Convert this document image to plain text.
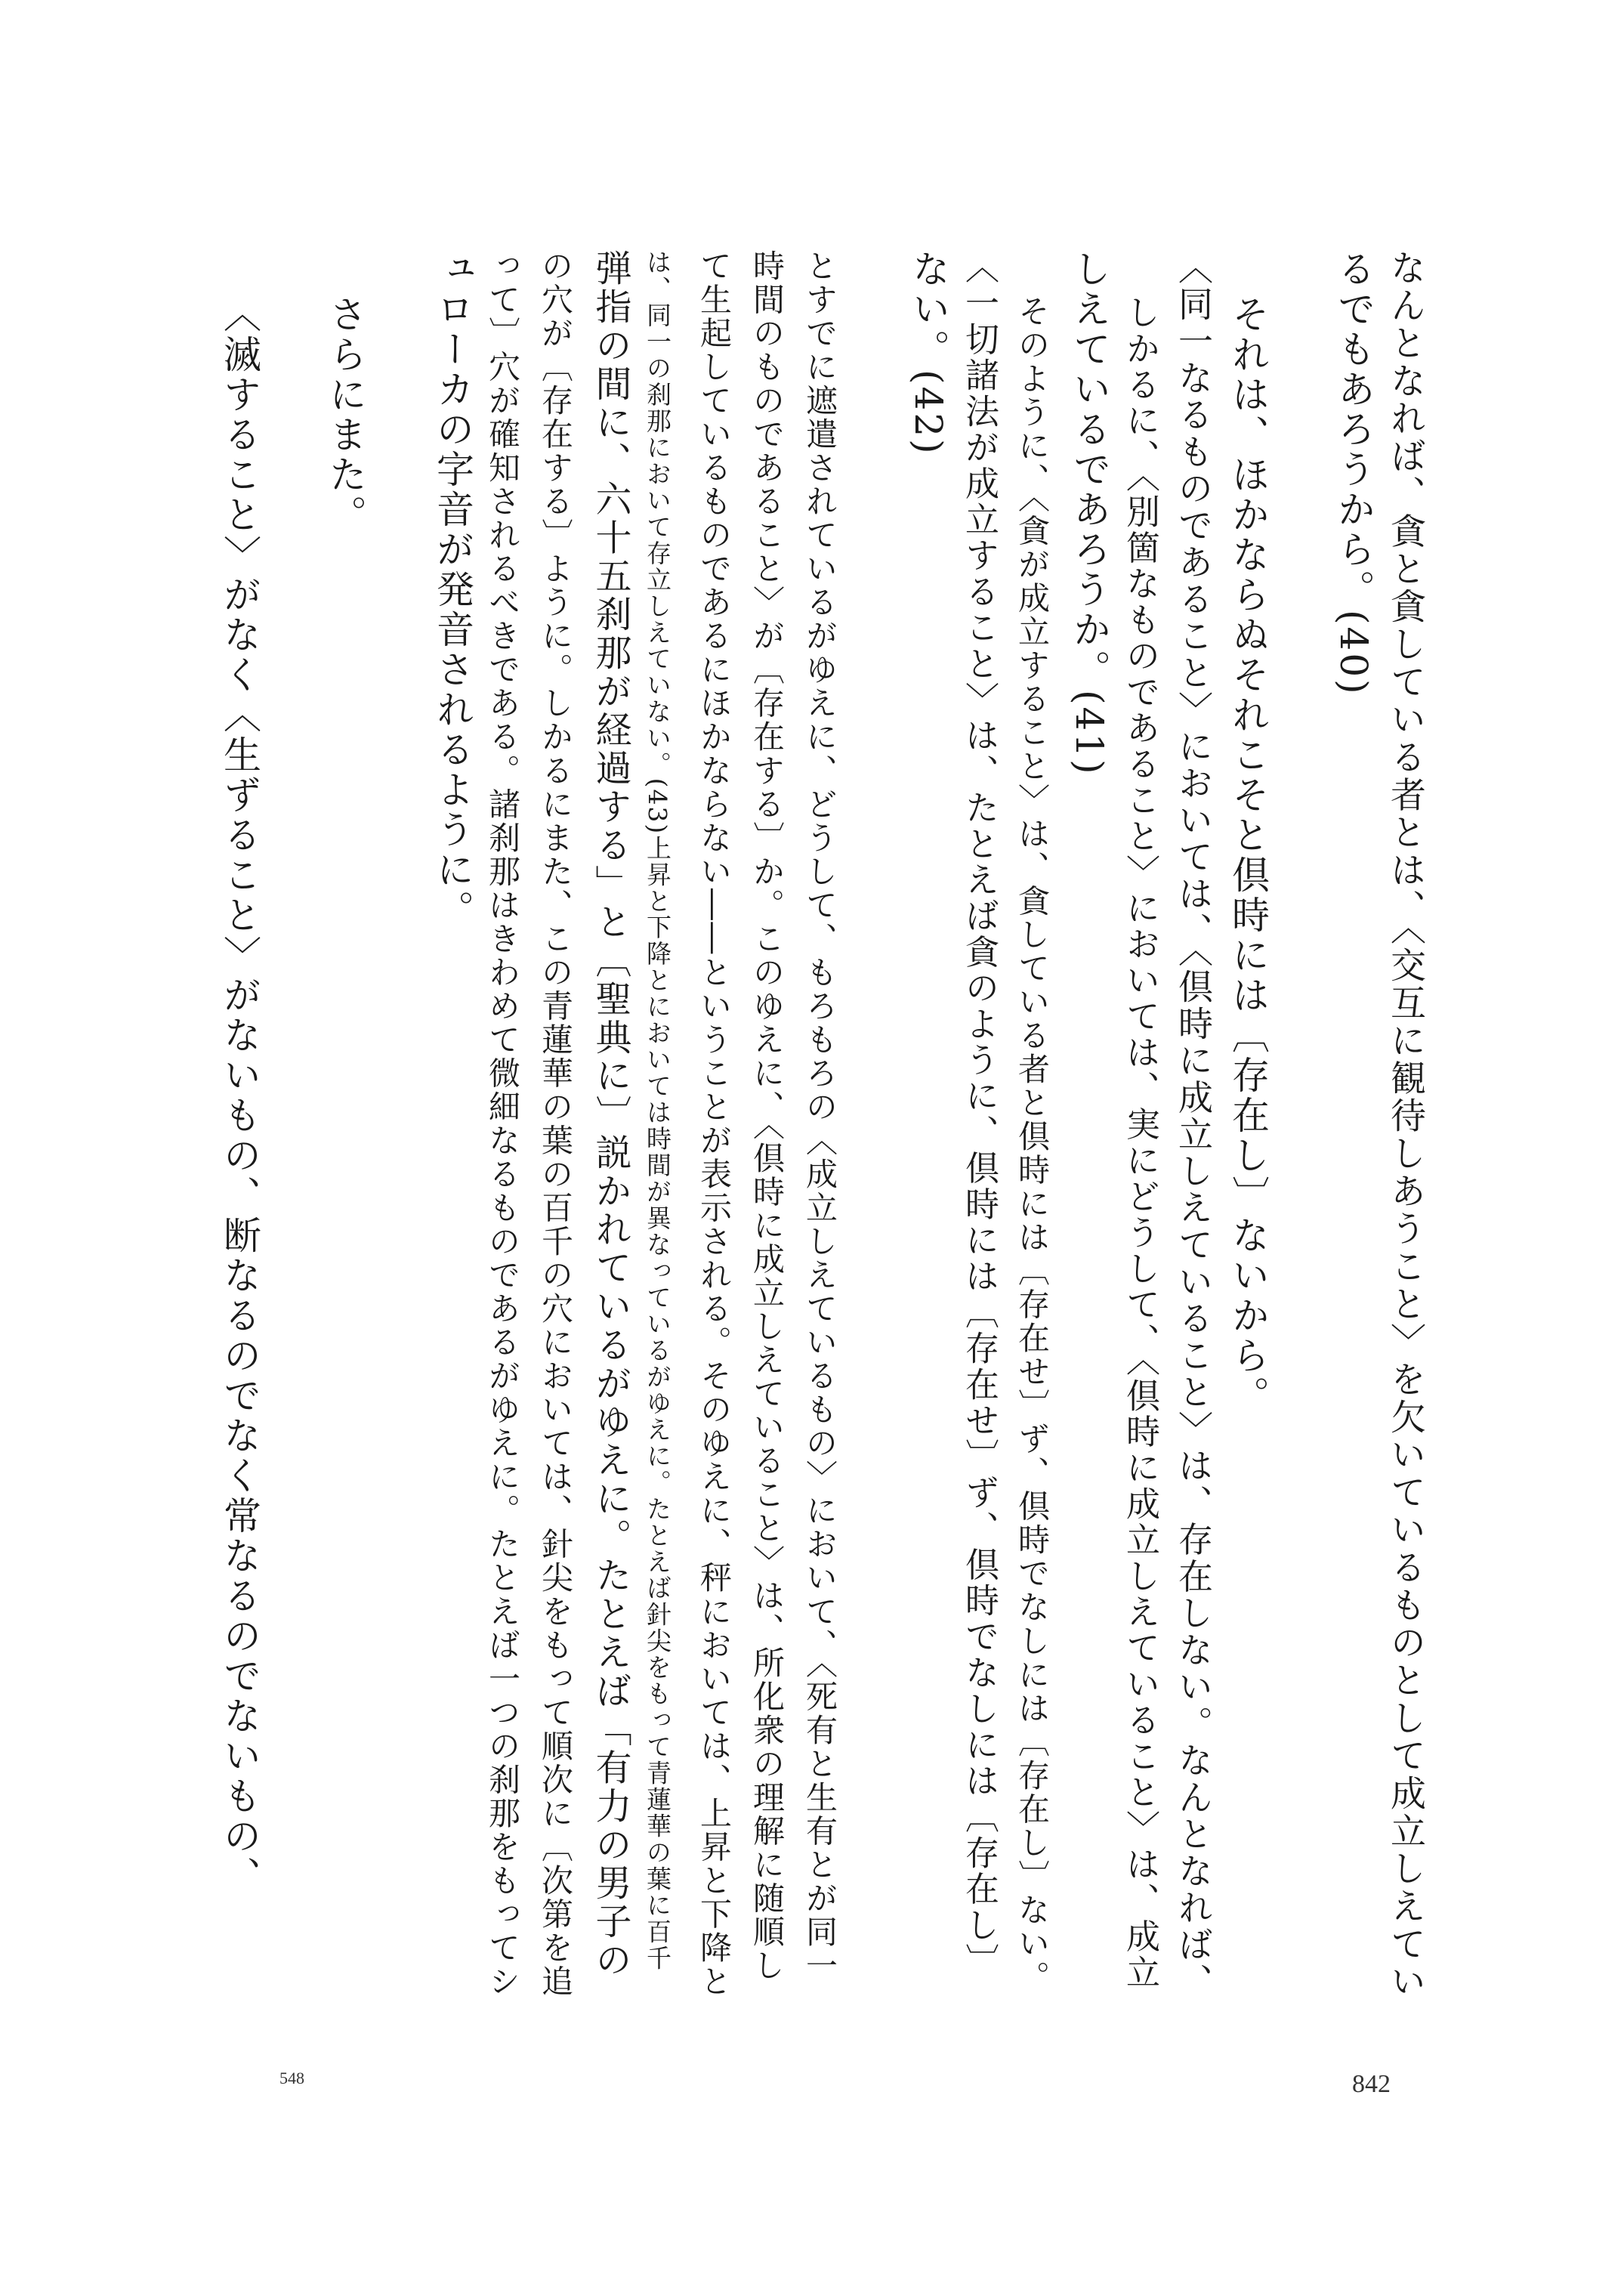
なんとなれば、貪と貪している者とは、〈交互に観待しあうこと〉を欠いているものとして成立しえてい
るでもあろうから。(40)
それは、ほかならぬそれこそと倶時には〔存在し〕ないから。
〈同一なるものであること〉においては、〈倶時に成立しえていること〉は、存在しない。なんとなれば、
しかるに、〈別箇なものであること〉においては、実にどうして、〈倶時に成立しえていること〉は、成立
しえているであろうか。(41)
そのように、〈貪が成立すること〉は、貪している者と倶時には〔存在せ〕ず、倶時でなしには〔存在し〕ない。
〈一切諸法が成立すること〉は、たとえば貪のように、倶時には〔存在せ〕ず、倶時でなしには〔存在し〕
ない。(42)
とすでに遮遣されているがゆえに、どうして、もろもろの〈成立しえているもの〉において、〈死有と生有とが同一
時間のものであること〉が〔存在する〕か。このゆえに、〈倶時に成立しえていること〉は、所化衆の理解に随順し
て生起しているものであるにほかならない――ということが表示される。そのゆえに、秤においては、上昇と下降と
は、同一の刹那において存立しえていない。(43)上昇と下降とにおいては時間が異なっているがゆえに。たとえば針尖をもって青蓮華の葉に百千
弾指の間に、六十五刹那が経過する」と〔聖典に〕説かれているがゆえに。たとえば「有力の男子の
の穴が〔存在する〕ように。しかるにまた、この青蓮華の葉の百千の穴においては、針尖をもって順次に〔次第を追
って〕穴が確知されるべきである。諸刹那はきわめて微細なるものであるがゆえに。たとえば一つの刹那をもってシ
ュローカの字音が発音されるように。
さらにまた。
〈滅すること〉がなく〈生ずること〉がないもの、断なるのでなく常なるのでないもの、
548	842
